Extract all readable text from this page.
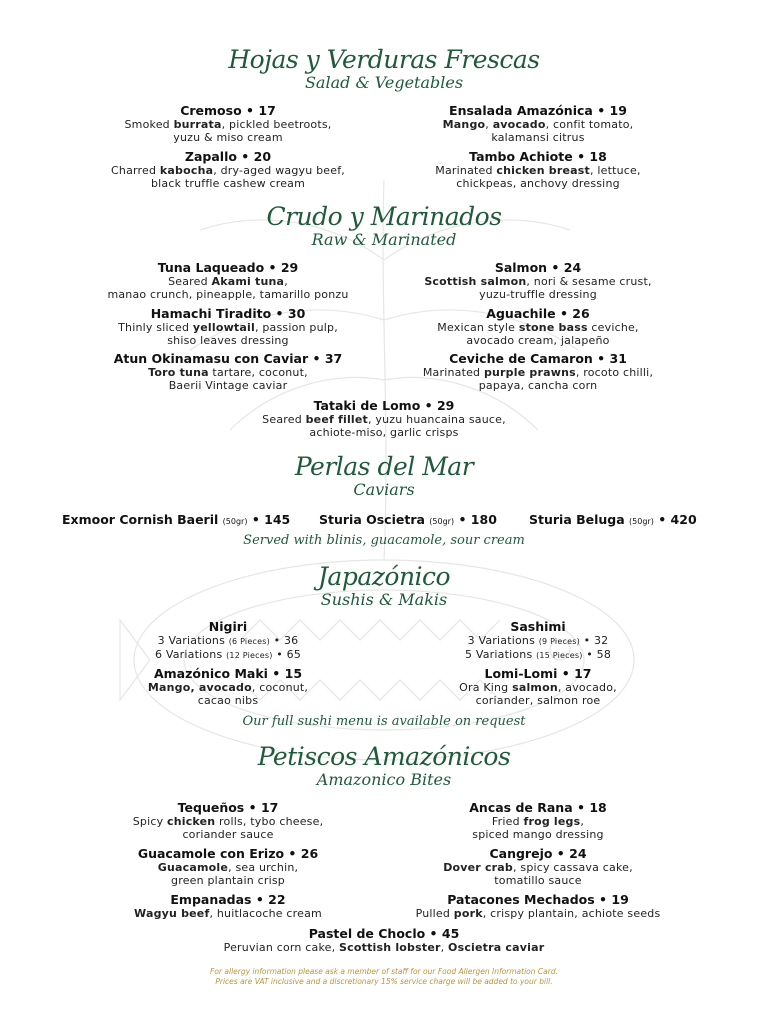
Hojas y Verduras Frescas
Salad & Vegetables
Cremoso • 17
Smoked burrata, pickled beetroots,
yuzu & miso cream
Ensalada Amazónica • 19
Mango, avocado, confit tomato,
kalamansi citrus
Zapallo • 20
Charred kabocha, dry-aged wagyu beef,
black truffle cashew cream
Tambo Achiote • 18
Marinated chicken breast, lettuce,
chickpeas, anchovy dressing
Crudo y Marinados
Raw & Marinated
Tuna Laqueado • 29
Seared Akami tuna,
manao crunch, pineapple, tamarillo ponzu
Salmon • 24
Scottish salmon, nori & sesame crust,
yuzu-truffle dressing
Hamachi Tiradito • 30
Thinly sliced yellowtail, passion pulp,
shiso leaves dressing
Aguachile • 26
Mexican style stone bass ceviche,
avocado cream, jalapeño
Atun Okinamasu con Caviar • 37
Toro tuna tartare, coconut,
Baerii Vintage caviar
Ceviche de Camaron • 31
Marinated purple prawns, rocoto chilli,
papaya, cancha corn
Tataki de Lomo • 29
Seared beef fillet, yuzu huancaina sauce,
achiote-miso, garlic crisps
Perlas del Mar
Caviars
Exmoor Cornish Baeril (50gr) • 145 Sturia Oscietra (50gr) • 180	Sturia Beluga (50gr) • 420
Served with blinis, guacamole, sour cream
Japazónico
Sushis & Makis
Nigiri
3 Variations (6 Pieces) • 36
6 Variations (12 Pieces) • 65
Sashimi
3 Variations (9 Pieces) • 32
5 Variations (15 Pieces) • 58
Amazónico Maki • 15
Mango, avocado, coconut,
cacao nibs
Lomi-Lomi • 17
Ora King salmon, avocado,
coriander, salmon roe
Our full sushi menu is available on request
Petiscos Amazónicos
Amazonico Bites
Tequeños • 17
Spicy chicken rolls, tybo cheese,
coriander sauce
Ancas de Rana • 18
Fried frog legs,
spiced mango dressing
Guacamole con Erizo • 26
Guacamole, sea urchin,
green plantain crisp
Cangrejo • 24
Dover crab, spicy cassava cake,
tomatillo sauce
Empanadas • 22
Wagyu beef, huitlacoche cream
Patacones Mechados • 19
Pulled pork, crispy plantain, achiote seeds
Pastel de Choclo • 45
Peruvian corn cake, Scottish lobster, Oscietra caviar
For allergy information please ask a member of staff for our Food Allergen Information Card.
Prices are VAT inclusive and a discretionary 15% service charge will be added to your bill.
